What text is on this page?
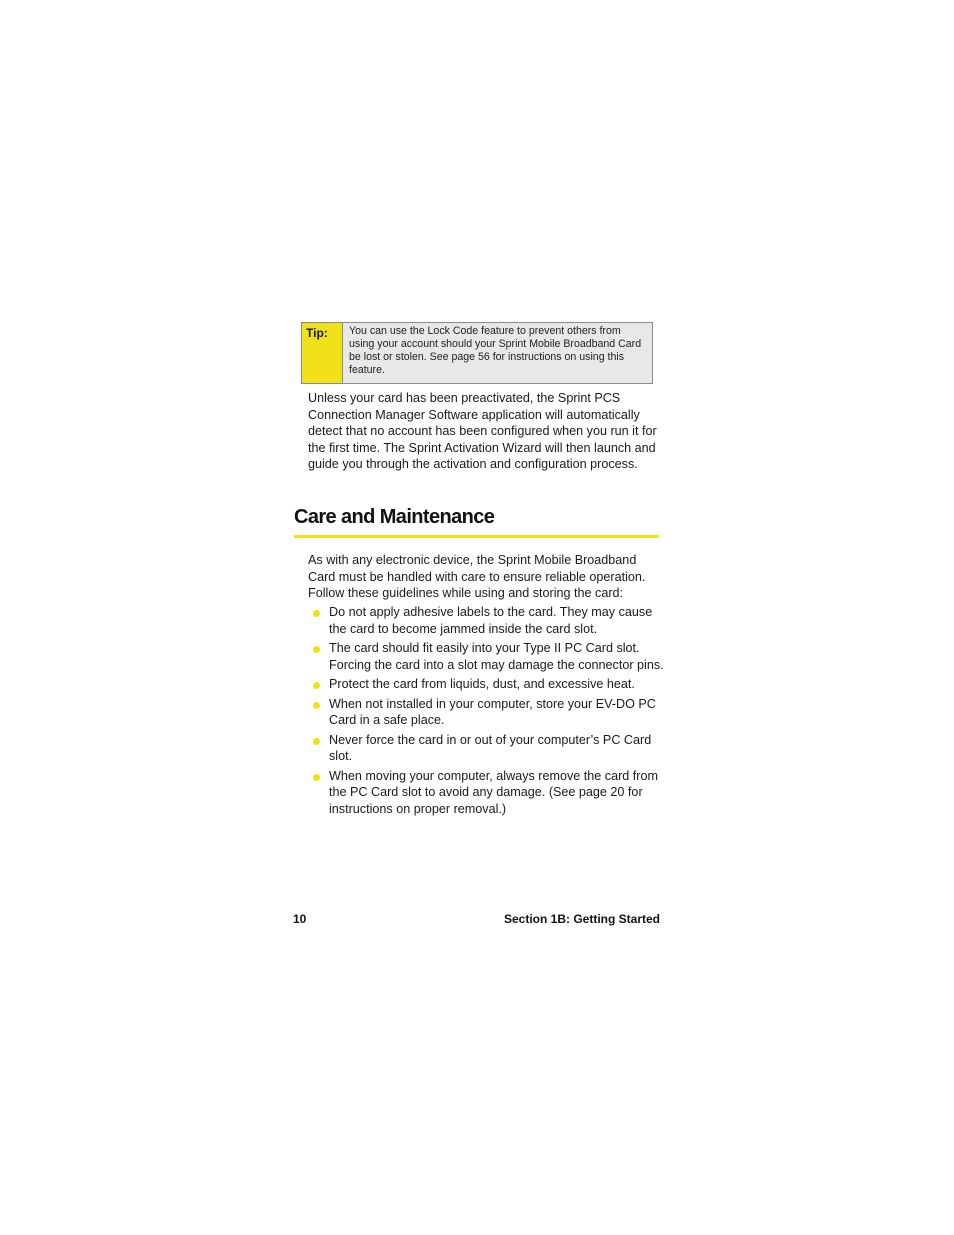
Tip:	You can use the Lock Code feature to prevent others from using your account should your Sprint Mobile Broadband Card be lost or stolen. See page 56 for instructions on using this feature.

Unless your card has been preactivated, the Sprint PCS Connection Manager Software application will automatically detect that no account has been configured when you run it for the first time. The Sprint Activation Wizard will then launch and guide you through the activation and configuration process.

Care and Maintenance

As with any electronic device, the Sprint Mobile Broadband Card must be handled with care to ensure reliable operation. Follow these guidelines while using and storing the card:

Do not apply adhesive labels to the card. They may cause the card to become jammed inside the card slot.
The card should fit easily into your Type II PC Card slot. Forcing the card into a slot may damage the connector pins.
Protect the card from liquids, dust, and excessive heat.
When not installed in your computer, store your EV-DO PC Card in a safe place.
Never force the card in or out of your computer’s PC Card slot.
When moving your computer, always remove the card from the PC Card slot to avoid any damage. (See page 20 for instructions on proper removal.)
10	Section 1B: Getting Started
